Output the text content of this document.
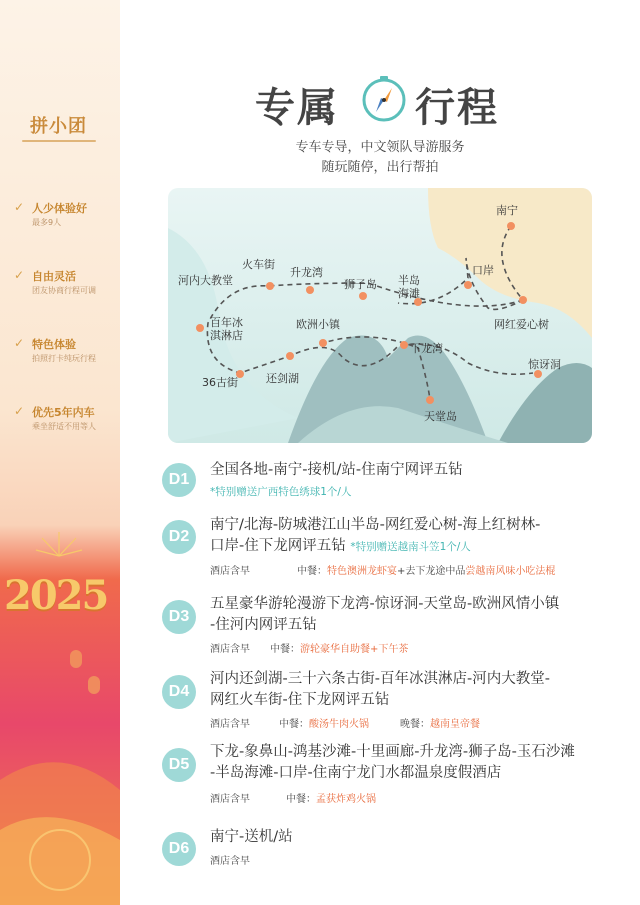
拼小团
✓ 人少体验好
最多9人
✓ 自由灵活
团友协商行程可调
✓ 特色体验
拍照打卡纯玩行程
✓ 优先5年内车
乘坐舒适不用等人
2025
专属 行程
专车专导，中文领队导游服务
随玩随停，出行帮拍
南宁
口岸
半岛海滩
狮子岛
升龙湾
火车街
河内大教堂
百年冰淇淋店
36古街	还剑湖
欧洲小镇
下龙湾
天堂岛
惊讶洞
网红爱心树
D1
全国各地-南宁-接机/站-住南宁网评五钻
*特别赠送广西特色绣球1个/人
D2
南宁/北海-防城港江山半岛-网红爱心树-海上红树林-
口岸-住下龙网评五钻 *特别赠送越南斗笠1个/人
酒店含早	中餐：特色澳洲龙虾宴+去下龙途中品尝越南风味小吃法棍
D3
五星豪华游轮漫游下龙湾-惊讶洞-天堂岛-欧洲风情小镇
-住河内网评五钻
酒店含早 中餐：游轮豪华自助餐+下午茶
D4
河内还剑湖-三十六条古街-百年冰淇淋店-河内大教堂-
网红火车街-住下龙网评五钻
酒店含早	中餐：酸汤牛肉火锅	晚餐：越南皇帝餐
D5
下龙-象鼻山-鸿基沙滩-十里画廊-升龙湾-狮子岛-玉石沙滩
-半岛海滩-口岸-住南宁龙门水都温泉度假酒店
酒店含早	中餐：孟获炸鸡火锅
D6
南宁-送机/站
酒店含早
